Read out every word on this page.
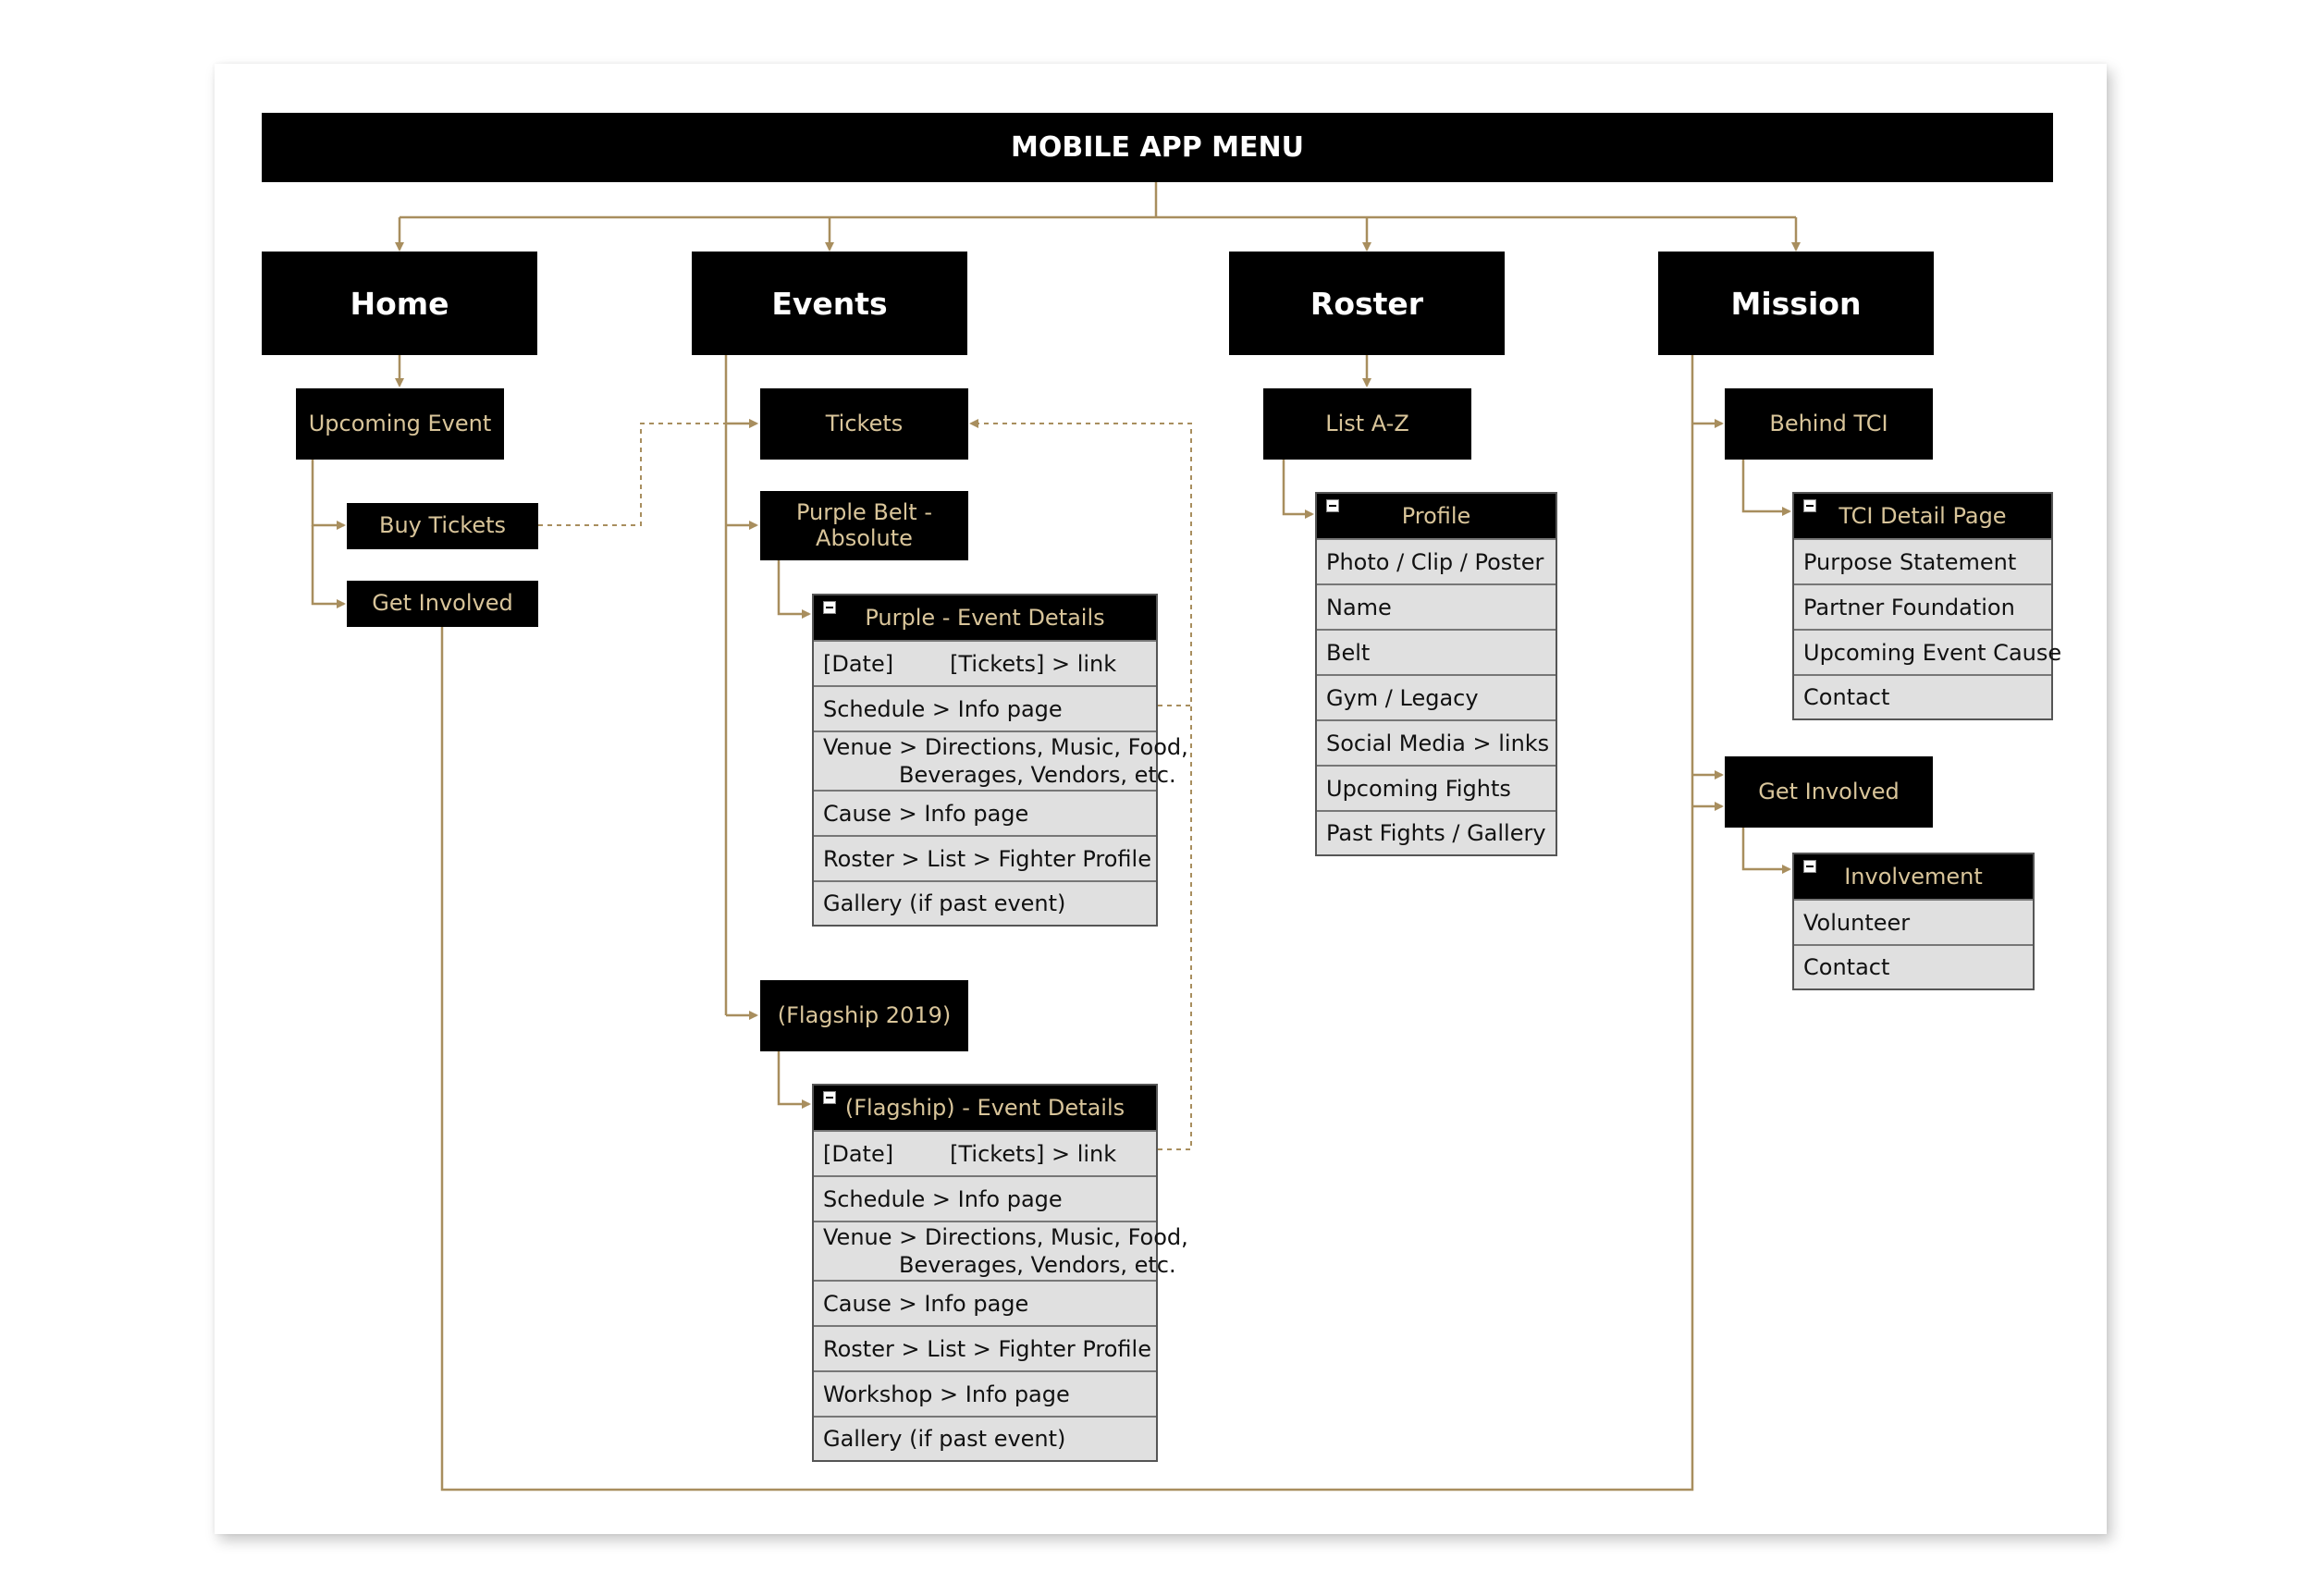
MOBILE APP MENU
Home	Events	Roster	Mission
Upcoming Event
Buy Tickets
Get Involved
Tickets
Purple Belt -
Absolute
Purple - Event Details
[Date]        [Tickets] > link
Schedule > Info page
Venue > Directions, Music, Food,
Beverages, Vendors, etc.
Cause > Info page
Roster > List > Fighter Profile
Gallery (if past event)
(Flagship 2019)
(Flagship) - Event Details
[Date]        [Tickets] > link
Schedule > Info page
Venue > Directions, Music, Food,
Beverages, Vendors, etc.
Cause > Info page
Roster > List > Fighter Profile
Workshop > Info page
Gallery (if past event)
List A-Z
Profile
Photo / Clip / Poster
Name
Belt
Gym / Legacy
Social Media > links
Upcoming Fights
Past Fights / Gallery
Behind TCI
TCI Detail Page
Purpose Statement
Partner Foundation
Upcoming Event Cause
Contact
Get Involved
Involvement
Volunteer
Contact
